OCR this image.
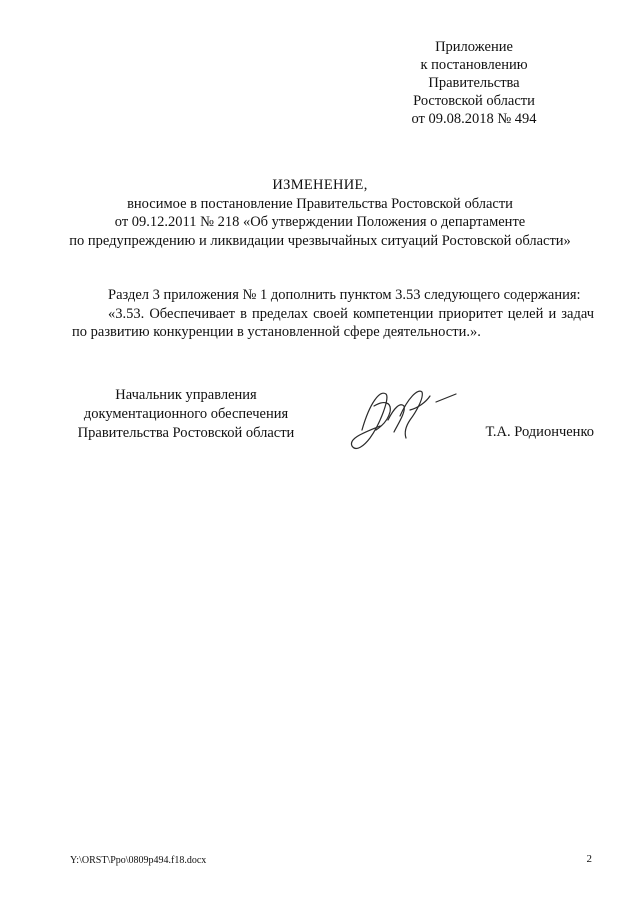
Приложение
к постановлению
Правительства
Ростовской области
от 09.08.2018 № 494
ИЗМЕНЕНИЕ,
вносимое в постановление Правительства Ростовской области
от 09.12.2011 № 218 «Об утверждении Положения о департаменте
по предупреждению и ликвидации чрезвычайных ситуаций Ростовской области»

Раздел 3 приложения № 1 дополнить пунктом 3.53 следующего содержания:

«3.53. Обеспечивает в пределах своей компетенции приоритет целей и задач по развитию конкуренции в установленной сфере деятельности.».

Начальник управления
документационного обеспечения
Правительства Ростовской области	Т.А. Родионченко
Y:\ORST\Ppo\0809p494.f18.docx	2
